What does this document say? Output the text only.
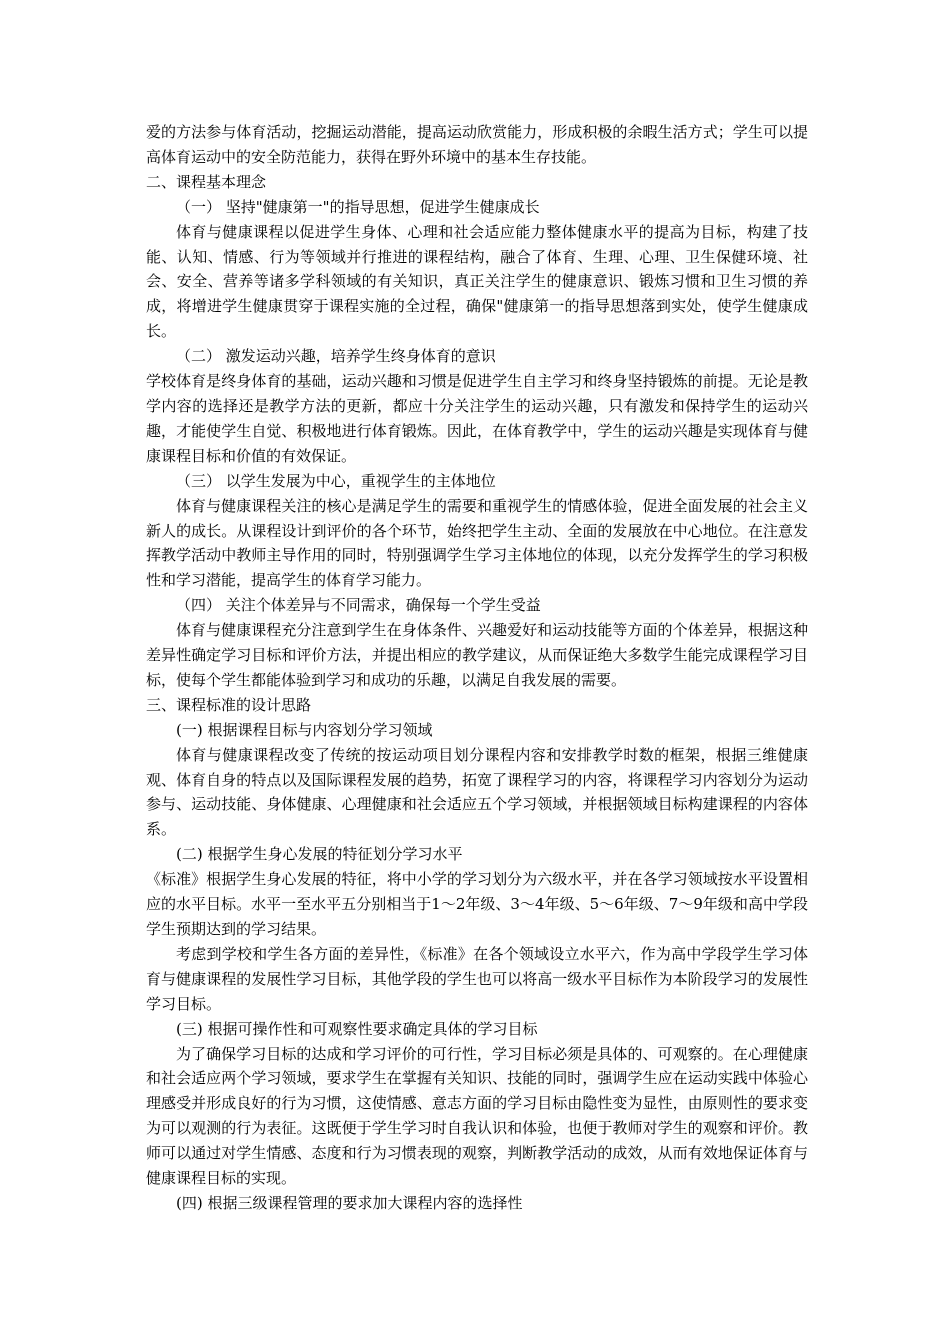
爱的方法参与体育活动，挖掘运动潜能，提高运动欣赏能力，形成积极的余暇生活方式；学生可以提高体育运动中的安全防范能力，获得在野外环境中的基本生存技能。

二、课程基本理念

（一） 坚持"健康第一"的指导思想，促进学生健康成长

体育与健康课程以促进学生身体、心理和社会适应能力整体健康水平的提高为目标，构建了技能、认知、情感、行为等领域并行推进的课程结构，融合了体育、生理、心理、卫生保健环境、社会、安全、营养等诸多学科领域的有关知识，真正关注学生的健康意识、锻炼习惯和卫生习惯的养成，将增进学生健康贯穿于课程实施的全过程，确保"健康第一的指导思想落到实处，使学生健康成长。

（二） 激发运动兴趣，培养学生终身体育的意识

学校体育是终身体育的基础，运动兴趣和习惯是促进学生自主学习和终身坚持锻炼的前提。无论是教学内容的选择还是教学方法的更新，都应十分关注学生的运动兴趣，只有激发和保持学生的运动兴趣，才能使学生自觉、积极地进行体育锻炼。因此，在体育教学中，学生的运动兴趣是实现体育与健康课程目标和价值的有效保证。

（三） 以学生发展为中心，重视学生的主体地位

体育与健康课程关注的核心是满足学生的需要和重视学生的情感体验，促进全面发展的社会主义新人的成长。从课程设计到评价的各个环节，始终把学生主动、全面的发展放在中心地位。在注意发挥教学活动中教师主导作用的同时，特别强调学生学习主体地位的体现，以充分发挥学生的学习积极性和学习潜能，提高学生的体育学习能力。

（四） 关注个体差异与不同需求，确保每一个学生受益

体育与健康课程充分注意到学生在身体条件、兴趣爱好和运动技能等方面的个体差异，根据这种差异性确定学习目标和评价方法，并提出相应的教学建议，从而保证绝大多数学生能完成课程学习目标，使每个学生都能体验到学习和成功的乐趣，以满足自我发展的需要。

三、课程标准的设计思路

(一) 根据课程目标与内容划分学习领域

体育与健康课程改变了传统的按运动项目划分课程内容和安排教学时数的框架，根据三维健康观、体育自身的特点以及国际课程发展的趋势，拓宽了课程学习的内容，将课程学习内容划分为运动参与、运动技能、身体健康、心理健康和社会适应五个学习领域，并根据领域目标构建课程的内容体系。

(二) 根据学生身心发展的特征划分学习水平

《标准》根据学生身心发展的特征，将中小学的学习划分为六级水平，并在各学习领域按水平设置相应的水平目标。水平一至水平五分别相当于1～2年级、3～4年级、5～6年级、7～9年级和高中学段学生预期达到的学习结果。

考虑到学校和学生各方面的差异性，《标准》在各个领域设立水平六，作为高中学段学生学习体育与健康课程的发展性学习目标，其他学段的学生也可以将高一级水平目标作为本阶段学习的发展性学习目标。

(三) 根据可操作性和可观察性要求确定具体的学习目标

为了确保学习目标的达成和学习评价的可行性，学习目标必须是具体的、可观察的。在心理健康和社会适应两个学习领域，要求学生在掌握有关知识、技能的同时，强调学生应在运动实践中体验心理感受并形成良好的行为习惯，这使情感、意志方面的学习目标由隐性变为显性，由原则性的要求变为可以观测的行为表征。这既便于学生学习时自我认识和体验，也便于教师对学生的观察和评价。教师可以通过对学生情感、态度和行为习惯表现的观察，判断教学活动的成效，从而有效地保证体育与健康课程目标的实现。

(四) 根据三级课程管理的要求加大课程内容的选择性
